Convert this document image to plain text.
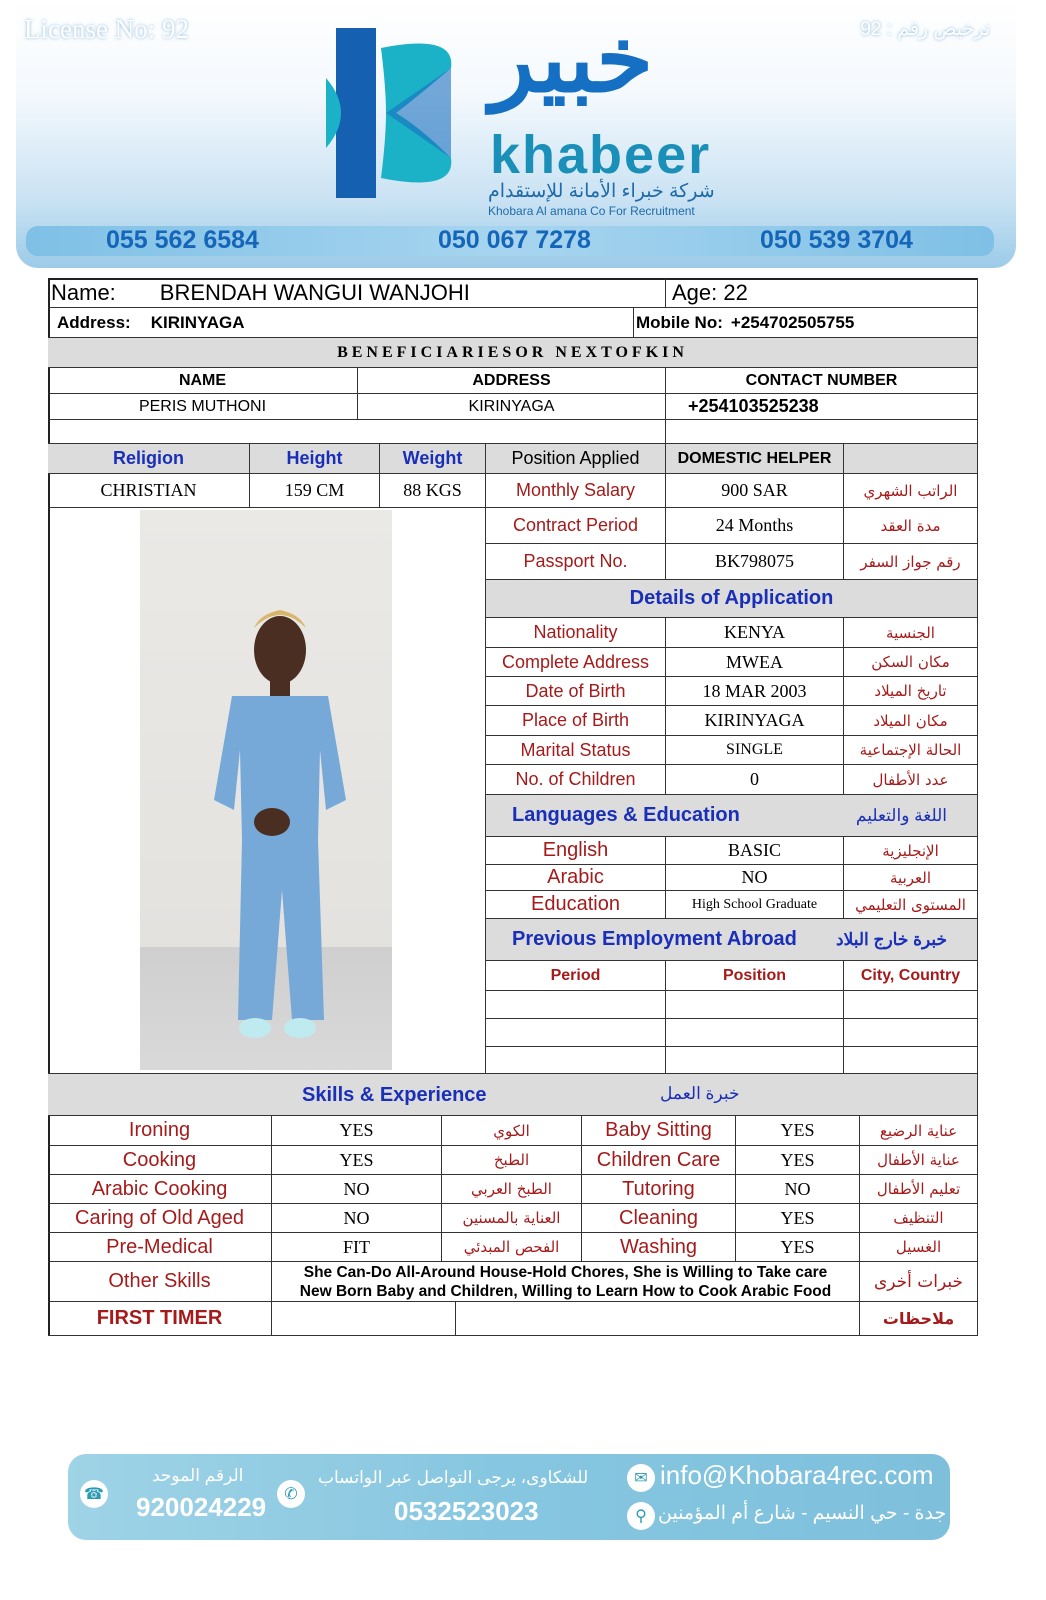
License No: 92	ترخيص رقم : 92
خبير
khabeer
شركة خبراء الأمانة للإستقدام
Khobara Al amana Co For Recruitment
055 562 6584	050 067 7278	050 539 3704
Name: BRENDAH WANGUI WANJOHI	Age: 22
Address: KIRINYAGA	Mobile No: +254702505755
BENEFICIARIESOR NEXTOFKIN
NAME	ADDRESS	CONTACT NUMBER
PERIS MUTHONI	KIRINYAGA	+254103525238
Religion	Height	Weight	Position Applied	DOMESTIC HELPER
CHRISTIAN	159 CM	88 KGS	Monthly Salary	900 SAR	الراتب الشهري
Contract Period	24 Months	مدة العقد
Passport No.	BK798075	رقم جواز السفر
Details of Application
Nationality	KENYA	الجنسية
Complete Address	MWEA	مكان السكن
Date of Birth	18 MAR 2003	تاريخ الميلاد
Place of Birth	KIRINYAGA	مكان الميلاد
Marital Status	SINGLE	الحالة الإجتماعية
No. of Children	0	عدد الأطفال
Languages & Education	اللغة والتعليم
English	BASIC	الإنجليزية
Arabic	NO	العربية
Education	High School Graduate	المستوى التعليمي
Previous Employment Abroad خبرة خارج البلاد
Period	Position	City, Country
Skills & Experience	خبرة العمل
Ironing	YES	الكوي	Baby Sitting	YES	عناية الرضيع
Cooking	YES	الطبخ	Children Care	YES	عناية الأطفال
Arabic Cooking	NO	الطبخ العربي	Tutoring	NO	تعليم الأطفال
Caring of Old Aged	NO	العناية بالمسنين	Cleaning	YES	التنظيف
Pre-Medical	FIT	الفحص المبدئي	Washing	YES	الغسيل
Other Skills	She Can-Do All-Around House-Hold Chores, She is Willing to Take care
New Born Baby and Children, Willing to Learn How to Cook Arabic Food	خبرات أخرى
FIRST TIMER	ملاحظات
☎
الرقم الموحد
920024229	✆
للشكاوى، يرجى التواصل عبر الواتساب
0532523023
✉ info@Khobara4rec.com
⚲ جدة - حي النسيم - شارع أم المؤمنين
